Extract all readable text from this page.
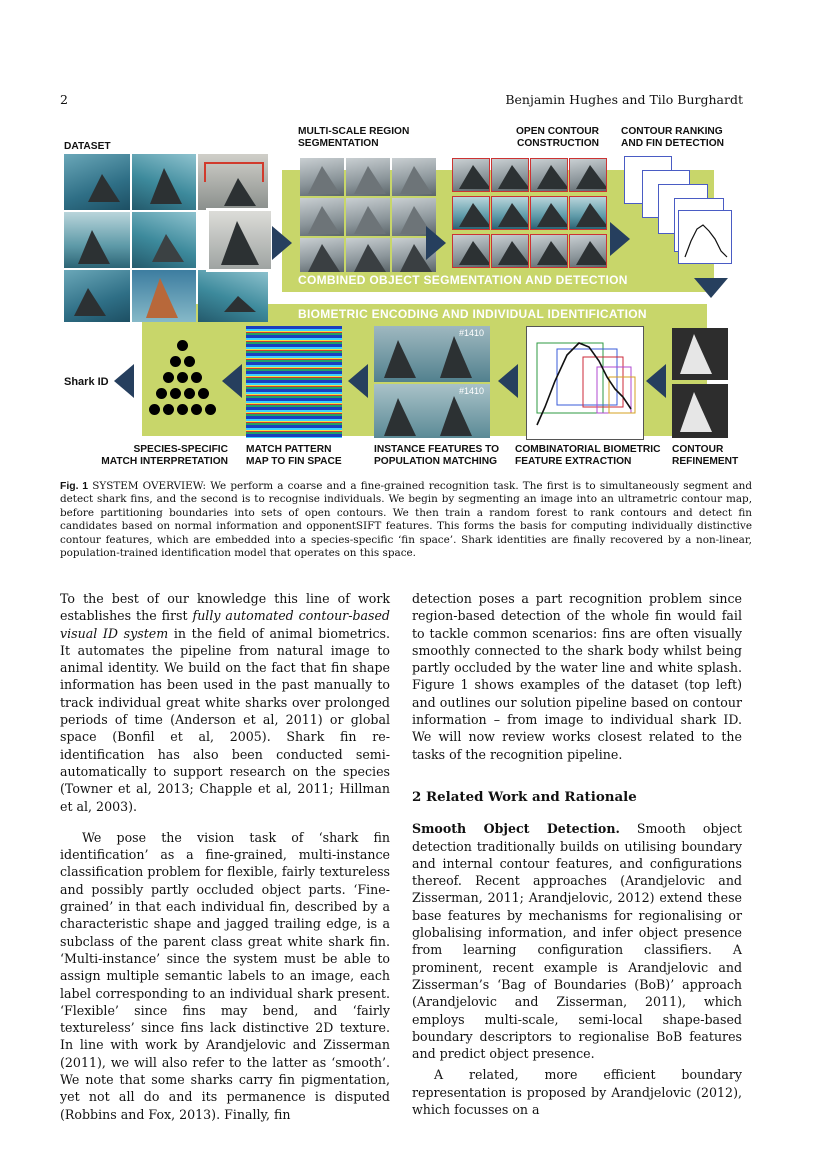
2	Benjamin Hughes and Tilo Burghardt
COMBINED OBJECT SEGMENTATION AND DETECTION
BIOMETRIC ENCODING AND INDIVIDUAL IDENTIFICATION
DATASET
MULTI-SCALE REGION
SEGMENTATION
OPEN CONTOUR
CONSTRUCTION
CONTOUR RANKING
AND FIN DETECTION
CONTOUR
REFINEMENT
COMBINATORIAL BIOMETRIC
FEATURE EXTRACTION
#1410
#1410
INSTANCE FEATURES TO
POPULATION MATCHING
MATCH PATTERN
MAP TO FIN SPACE
SPECIES-SPECIFIC
MATCH INTERPRETATION
Shark ID
Fig. 1 SYSTEM OVERVIEW: We perform a coarse and a fine-grained recognition task. The first is to simultaneously segment and detect shark fins, and the second is to recognise individuals. We begin by segmenting an image into an ultrametric contour map, before partitioning boundaries into sets of open contours. We then train a random forest to rank contours and detect fin candidates based on normal information and opponentSIFT features. This forms the basis for computing individually distinctive contour features, which are embedded into a species-specific ‘fin space’. Shark identities are finally recovered by a non-linear, population-trained identification model that operates on this space.

To the best of our knowledge this line of work establishes the first fully automated contour-based visual ID system in the field of animal biometrics. It automates the pipeline from natural image to animal identity. We build on the fact that fin shape information has been used in the past manually to track individual great white sharks over prolonged periods of time (Anderson et al, 2011) or global space (Bonfil et al, 2005). Shark fin re-identification has also been conducted semi-automatically to support research on the species (Towner et al, 2013; Chapple et al, 2011; Hillman et al, 2003).

We pose the vision task of ‘shark fin identification’ as a fine-grained, multi-instance classification problem for flexible, fairly textureless and possibly partly occluded object parts. ‘Fine-grained’ in that each individual fin, described by a characteristic shape and jagged trailing edge, is a subclass of the parent class great white shark fin. ‘Multi-instance’ since the system must be able to assign multiple semantic labels to an image, each label corresponding to an individual shark present. ‘Flexible’ since fins may bend, and ‘fairly textureless’ since fins lack distinctive 2D texture. In line with work by Arandjelovic and Zisserman (2011), we will also refer to the latter as ‘smooth’. We note that some sharks carry fin pigmentation, yet not all do and its permanence is disputed (Robbins and Fox, 2013). Finally, fin

detection poses a part recognition problem since region-based detection of the whole fin would fail to tackle common scenarios: fins are often visually smoothly connected to the shark body whilst being partly occluded by the water line and white splash. Figure 1 shows examples of the dataset (top left) and outlines our solution pipeline based on contour information – from image to individual shark ID. We will now review works closest related to the tasks of the recognition pipeline.

2 Related Work and Rationale

Smooth Object Detection. Smooth object detection traditionally builds on utilising boundary and internal contour features, and configurations thereof. Recent approaches (Arandjelovic and Zisserman, 2011; Arandjelovic, 2012) extend these base features by mechanisms for regionalising or globalising information, and infer object presence from learning configuration classifiers. A prominent, recent example is Arandjelovic and Zisserman’s ‘Bag of Boundaries (BoB)’ approach (Arandjelovic and Zisserman, 2011), which employs multi-scale, semi-local shape-based boundary descriptors to regionalise BoB features and predict object presence.

A related, more efficient boundary representation is proposed by Arandjelovic (2012), which focusses on a
